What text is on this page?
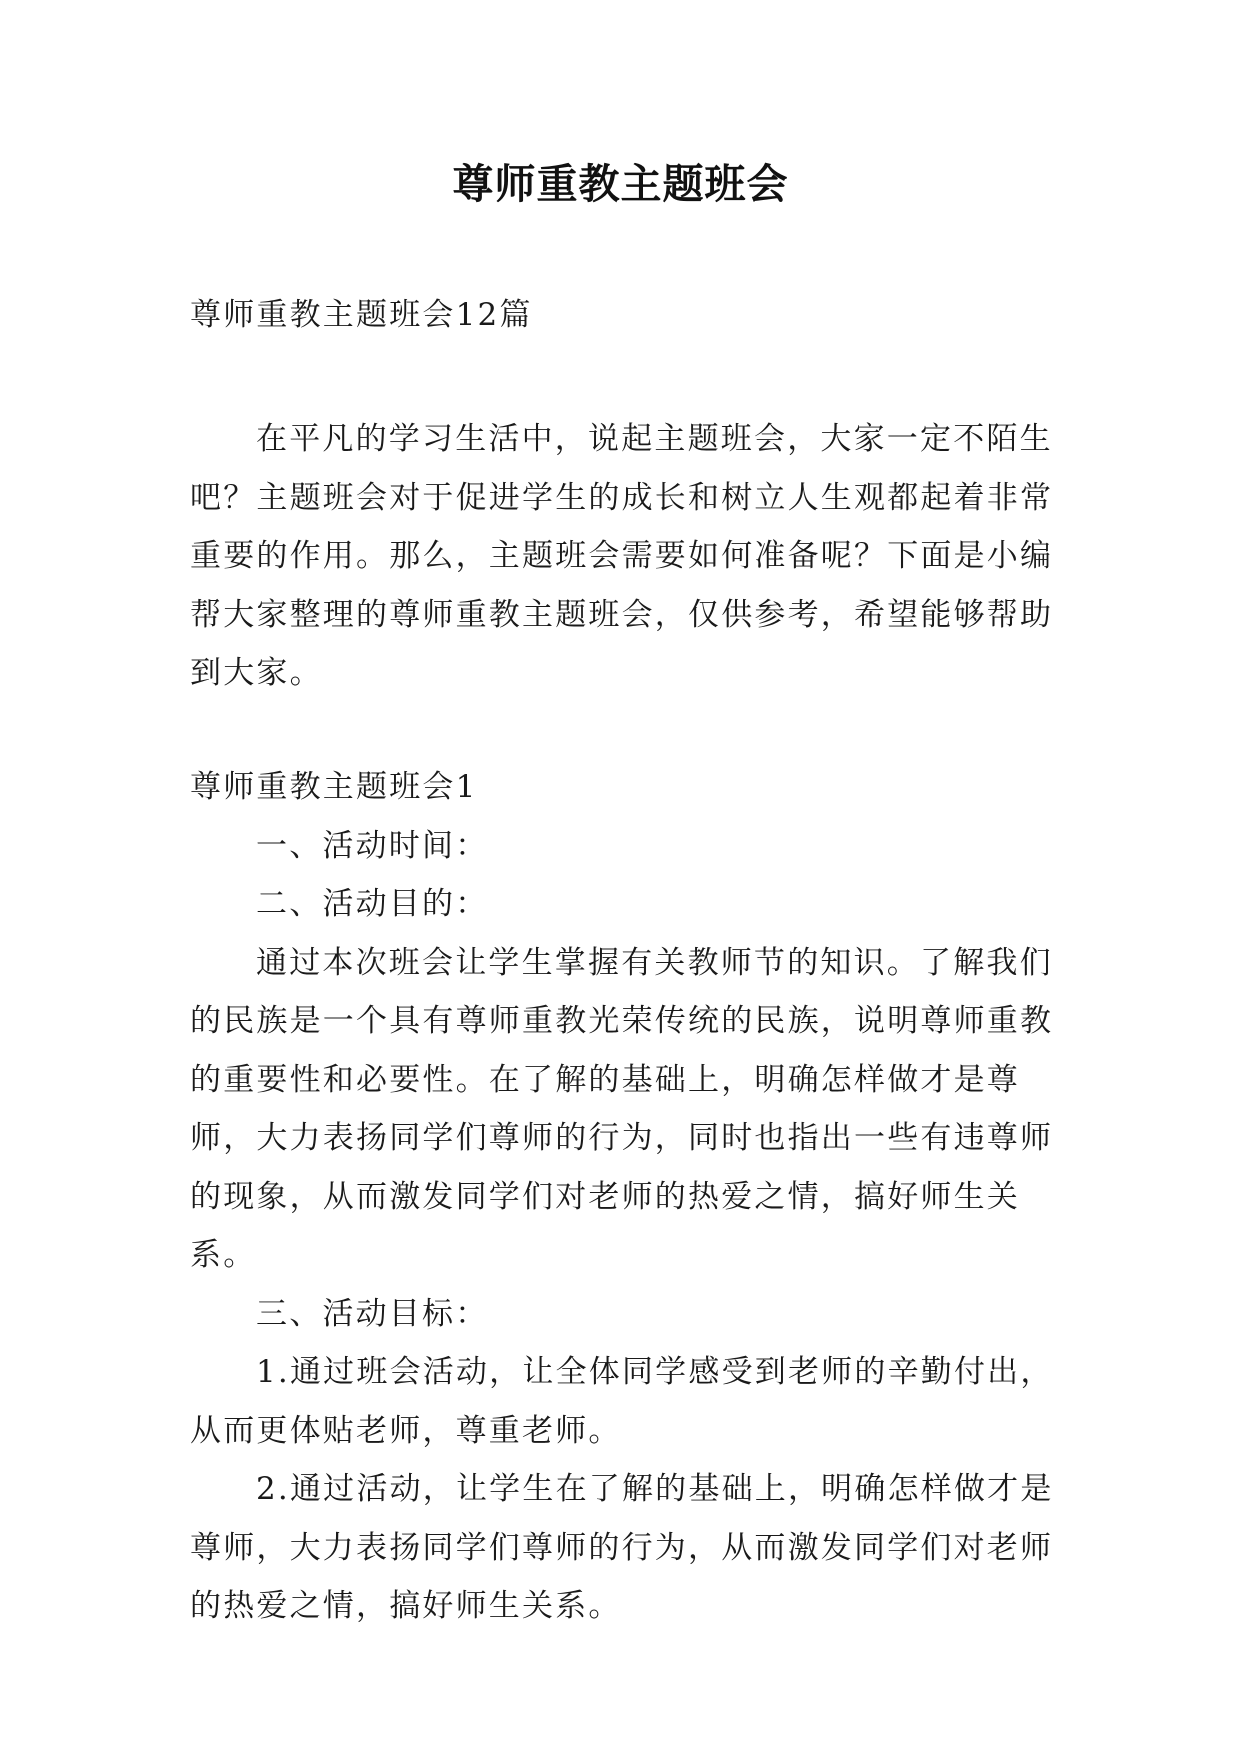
尊师重教主题班会
尊师重教主题班会12篇
在平凡的学习生活中，说起主题班会，大家一定不陌生吧？主题班会对于促进学生的成长和树立人生观都起着非常重要的作用。那么，主题班会需要如何准备呢？下面是小编帮大家整理的尊师重教主题班会，仅供参考，希望能够帮助到大家。

尊师重教主题班会1

一、活动时间：

二、活动目的：

通过本次班会让学生掌握有关教师节的知识。了解我们的民族是一个具有尊师重教光荣传统的民族，说明尊师重教的重要性和必要性。在了解的基础上，明确怎样做才是尊师，大力表扬同学们尊师的行为，同时也指出一些有违尊师的现象，从而激发同学们对老师的热爱之情，搞好师生关系。

三、活动目标：

1.通过班会活动，让全体同学感受到老师的辛勤付出，从而更体贴老师，尊重老师。

2.通过活动，让学生在了解的基础上，明确怎样做才是尊师，大力表扬同学们尊师的行为，从而激发同学们对老师的热爱之情，搞好师生关系。
